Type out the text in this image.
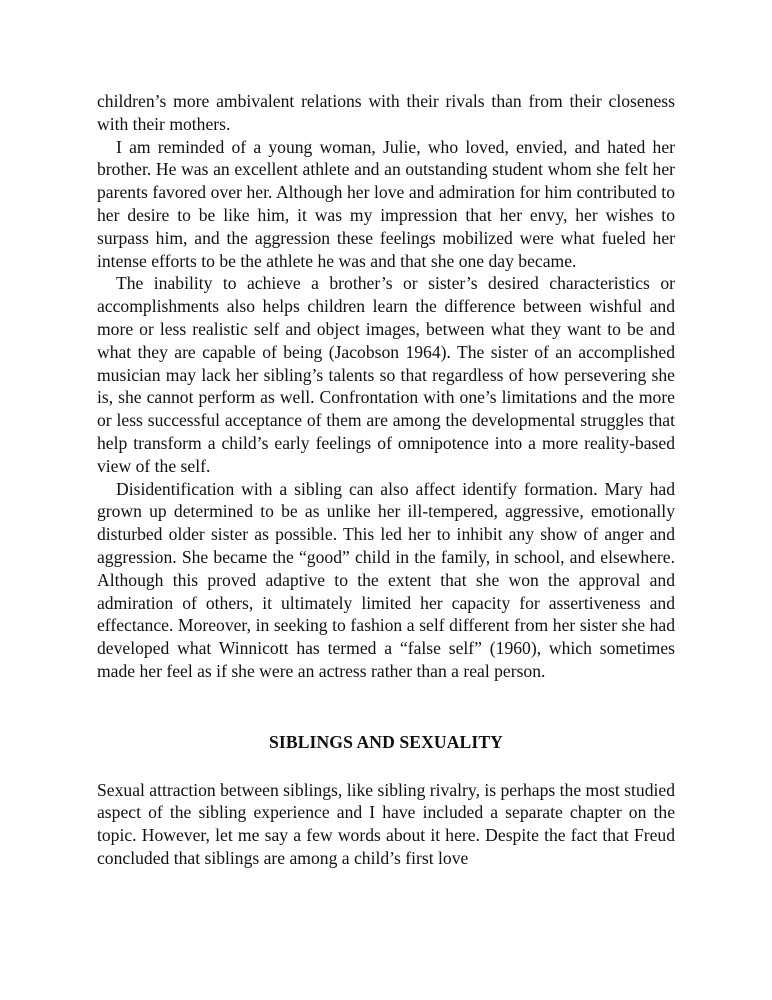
children’s more ambivalent relations with their rivals than from their closeness with their mothers.

I am reminded of a young woman, Julie, who loved, envied, and hated her brother. He was an excellent athlete and an outstanding student whom she felt her parents favored over her. Although her love and admiration for him contributed to her desire to be like him, it was my impression that her envy, her wishes to surpass him, and the aggression these feelings mobilized were what fueled her intense efforts to be the athlete he was and that she one day became.

The inability to achieve a brother’s or sister’s desired characteristics or accomplishments also helps children learn the difference between wishful and more or less realistic self and object images, between what they want to be and what they are capable of being (Jacobson 1964). The sister of an accomplished musician may lack her sibling’s talents so that regardless of how persevering she is, she cannot perform as well. Confrontation with one’s limitations and the more or less successful acceptance of them are among the developmental struggles that help transform a child’s early feelings of omnipotence into a more reality-based view of the self.

Disidentification with a sibling can also affect identify formation. Mary had grown up determined to be as unlike her ill-tempered, aggressive, emotionally disturbed older sister as possible. This led her to inhibit any show of anger and aggression. She became the “good” child in the family, in school, and elsewhere. Although this proved adaptive to the extent that she won the approval and admiration of others, it ultimately limited her capacity for assertiveness and effectance. Moreover, in seeking to fashion a self different from her sister she had developed what Winnicott has termed a “false self” (1960), which sometimes made her feel as if she were an actress rather than a real person.

SIBLINGS AND SEXUALITY

Sexual attraction between siblings, like sibling rivalry, is perhaps the most studied aspect of the sibling experience and I have included a separate chapter on the topic. However, let me say a few words about it here. Despite the fact that Freud concluded that siblings are among a child’s first love
